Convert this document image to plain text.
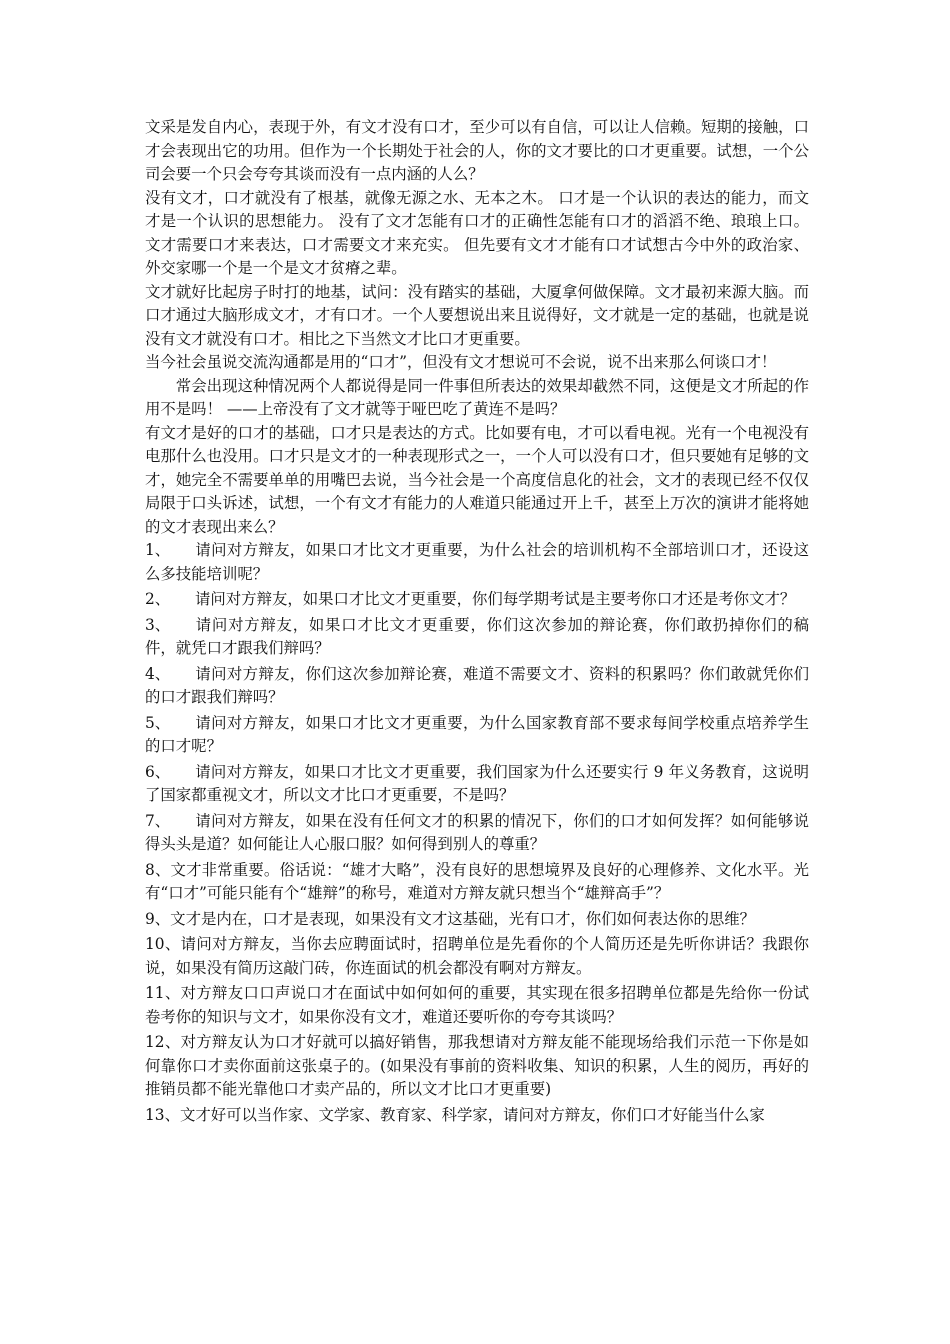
文采是发自内心，表现于外，有文才没有口才，至少可以有自信，可以让人信赖。短期的接触，口才会表现出它的功用。但作为一个长期处于社会的人，你的文才要比的口才更重要。试想，一个公司会要一个只会夸夸其谈而没有一点内涵的人么？

没有文才，口才就没有了根基，就像无源之水、无本之木。 口才是一个认识的表达的能力，而文才是一个认识的思想能力。 没有了文才怎能有口才的正确性怎能有口才的滔滔不绝、琅琅上口。 文才需要口才来表达，口才需要文才来充实。 但先要有文才才能有口才试想古今中外的政治家、外交家哪一个是一个是文才贫瘠之辈。

文才就好比起房子时打的地基，试问：没有踏实的基础，大厦拿何做保障。文才最初来源大脑。而口才通过大脑形成文才，才有口才。一个人要想说出来且说得好，文才就是一定的基础，也就是说没有文才就没有口才。相比之下当然文才比口才更重要。

当今社会虽说交流沟通都是用的“口才”，但没有文才想说可不会说，说不出来那么何谈口才！

常会出现这种情况两个人都说得是同一件事但所表达的效果却截然不同，这便是文才所起的作用不是吗！ ——上帝没有了文才就等于哑巴吃了黄连不是吗？

有文才是好的口才的基础，口才只是表达的方式。比如要有电，才可以看电视。光有一个电视没有电那什么也没用。口才只是文才的一种表现形式之一，一个人可以没有口才，但只要她有足够的文才，她完全不需要单单的用嘴巴去说，当今社会是一个高度信息化的社会，文才的表现已经不仅仅局限于口头诉述，试想，一个有文才有能力的人难道只能通过开上千，甚至上万次的演讲才能将她的文才表现出来么？

1、 请问对方辩友，如果口才比文才更重要，为什么社会的培训机构不全部培训口才，还设这么多技能培训呢？

2、 请问对方辩友，如果口才比文才更重要，你们每学期考试是主要考你口才还是考你文才？

3、 请问对方辩友，如果口才比文才更重要，你们这次参加的辩论赛，你们敢扔掉你们的稿件，就凭口才跟我们辩吗？

4、 请问对方辩友，你们这次参加辩论赛，难道不需要文才、资料的积累吗？你们敢就凭你们的口才跟我们辩吗？

5、 请问对方辩友，如果口才比文才更重要，为什么国家教育部不要求每间学校重点培养学生的口才呢？

6、 请问对方辩友，如果口才比文才更重要，我们国家为什么还要实行 9 年义务教育，这说明了国家都重视文才，所以文才比口才更重要，不是吗？

7、 请问对方辩友，如果在没有任何文才的积累的情况下，你们的口才如何发挥？如何能够说得头头是道？如何能让人心服口服？如何得到别人的尊重？

8、文才非常重要。俗话说：“雄才大略”，没有良好的思想境界及良好的心理修养、文化水平。光有“口才”可能只能有个“雄辩”的称号，难道对方辩友就只想当个“雄辩高手”？

9、文才是内在，口才是表现，如果没有文才这基础，光有口才，你们如何表达你的思维？

10、请问对方辩友，当你去应聘面试时，招聘单位是先看你的个人简历还是先听你讲话？我跟你说，如果没有简历这敲门砖，你连面试的机会都没有啊对方辩友。

11、对方辩友口口声说口才在面试中如何如何的重要，其实现在很多招聘单位都是先给你一份试卷考你的知识与文才，如果你没有文才，难道还要听你的夸夸其谈吗？

12、对方辩友认为口才好就可以搞好销售，那我想请对方辩友能不能现场给我们示范一下你是如何靠你口才卖你面前这张桌子的。(如果没有事前的资料收集、知识的积累，人生的阅历，再好的推销员都不能光靠他口才卖产品的，所以文才比口才更重要)

13、文才好可以当作家、文学家、教育家、科学家，请问对方辩友，你们口才好能当什么家
